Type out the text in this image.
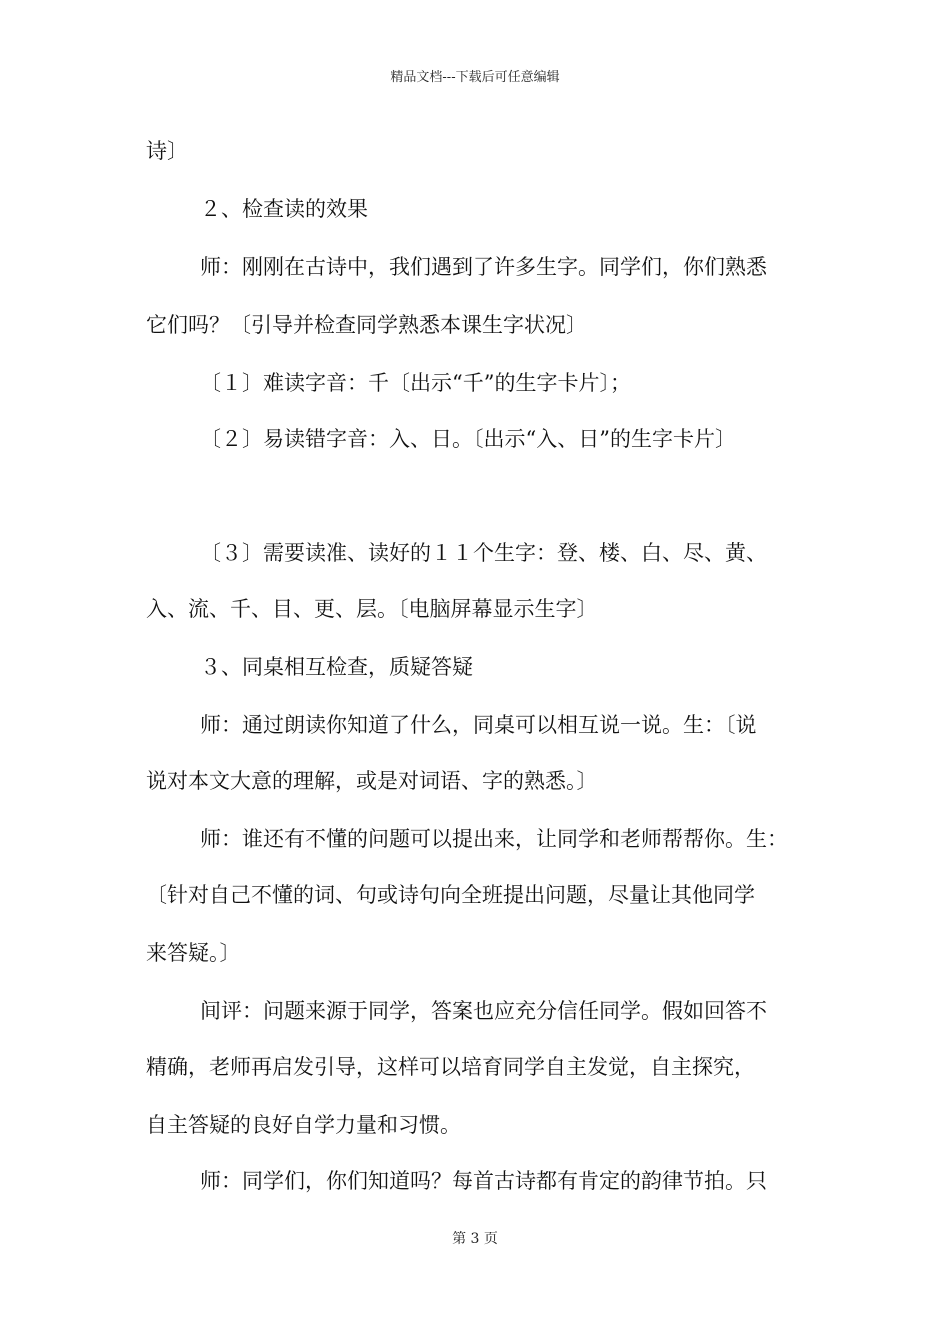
精品文档---下载后可任意编辑
诗〕
２、检查读的效果
师：刚刚在古诗中，我们遇到了许多生字。同学们，你们熟悉
它们吗？〔引导并检查同学熟悉本课生字状况〕
〔１〕难读字音：千〔出示“千”的生字卡片〕；
〔２〕易读错字音：入、日。〔出示“入、日”的生字卡片〕
〔３〕需要读准、读好的１１个生字：登、楼、白、尽、黄、
入、流、千、目、更、层。〔电脑屏幕显示生字〕
３、同桌相互检查，质疑答疑
师：通过朗读你知道了什么，同桌可以相互说一说。生：〔说
说对本文大意的理解，或是对词语、字的熟悉。〕
师：谁还有不懂的问题可以提出来，让同学和老师帮帮你。生：
〔针对自己不懂的词、句或诗句向全班提出问题，尽量让其他同学
来答疑。〕
间评：问题来源于同学，答案也应充分信任同学。假如回答不
精确，老师再启发引导，这样可以培育同学自主发觉，自主探究，
自主答疑的良好自学力量和习惯。
师：同学们，你们知道吗？每首古诗都有肯定的韵律节拍。只
第 3 页
